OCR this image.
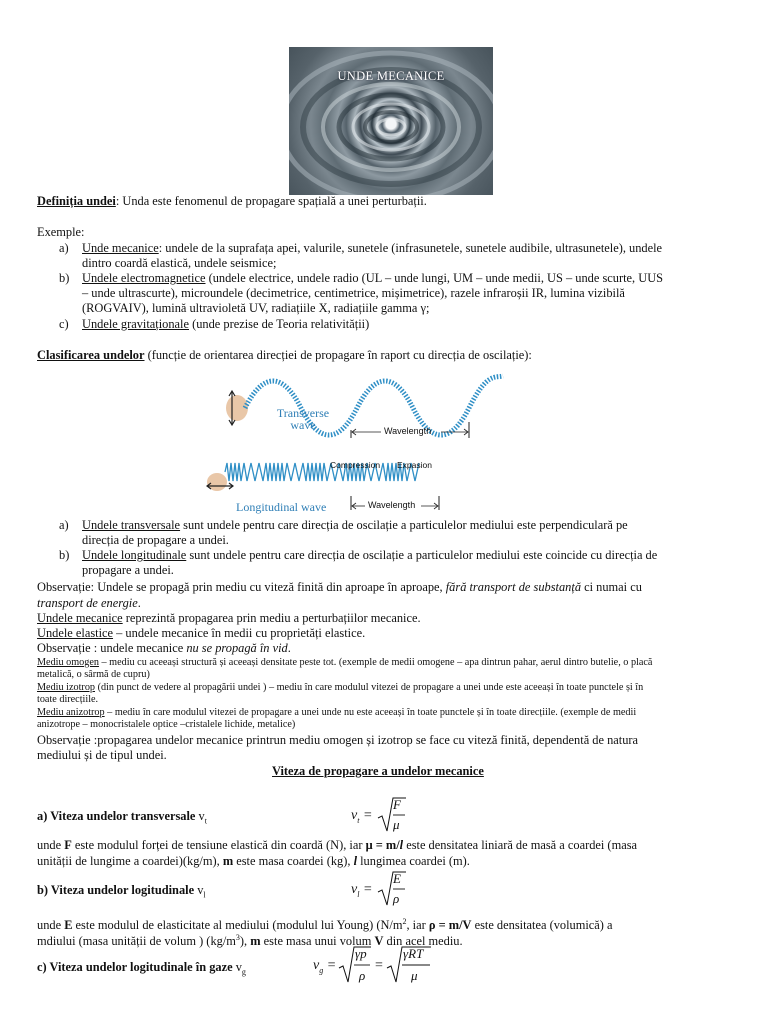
UNDE MECANICE
Definiția undei: Unda este fenomenul de propagare spațială a unei perturbații.
Exemple:
a) Unde mecanice: undele de la suprafața apei, valurile, sunetele (infrasunetele, sunetele audibile, ultrasunetele), undele
dintro coardă elastică, undele seismice;
b) Undele electromagnetice (undele electrice, undele radio (UL – unde lungi, UM – unde medii, US – unde scurte, UUS
– unde ultrascurte), microundele (decimetrice, centimetrice, mișimetrice), razele infraroșii IR, lumina vizibilă
(ROGVAIV), lumină ultravioletă UV, radiațiile X, radiațiile gamma γ;
c) Undele gravitaționale (unde prezise de Teoria relativității)
Clasificarea undelor (funcție de orientarea direcției de propagare în raport cu direcția de oscilație):
Transverse
wave	Wavelength
Compression Expasion
Longitudinal wave	Wavelength
a) Undele transversale sunt undele pentru care direcția de oscilație a particulelor mediului este perpendiculară pe
direcția de propagare a undei.
b) Undele longitudinale sunt undele pentru care direcția de oscilație a particulelor mediului este coincide cu direcția de
propagare a undei.
Observație: Undele se propagă prin mediu cu viteză finită din aproape în aproape, fără transport de substanță ci numai cu
transport de energie.
Undele mecanice reprezintă propagarea prin mediu a perturbațiilor mecanice.
Undele elastice – undele mecanice în medii cu proprietăți elastice.
Observație : undele mecanice nu se propagă în vid.
Mediu omogen – mediu cu aceeași structură și aceeași densitate peste tot. (exemple de medii omogene – apa dintrun pahar, aerul dintro butelie, o placă
metalică, o sârmă de cupru)
Mediu izotrop (din punct de vedere al propagării undei ) – mediu în care modulul vitezei de propagare a unei unde este aceeași în toate punctele și în
toate direcțiile.
Mediu anizotrop – mediu în care modulul vitezei de propagare a unei unde nu este aceeași în toate punctele și în toate direcțiile. (exemple de medii
anizotrope – monocristalele optice –cristalele lichide, metalice)
Observație :propagarea undelor mecanice printrun mediu omogen și izotrop se face cu viteză finită, dependentă de natura
mediului și de tipul undei.
Viteza de propagare a undelor mecanice
a) Viteza undelor transversale $v_t$	$v_t$ =
F
μ
unde F este modulul forței de tensiune elastică din coardă (N), iar μ = m/l este densitatea liniară de masă a coardei (masa
unității de lungime a coardei)(kg/m), m este masa coardei (kg), l lungimea coardei (m).
b) Viteza undelor logitudinale $v_l$	$v_l$ =
E
ρ
unde E este modulul de elasticitate al mediului (modulul lui Young) ($N/m^2$, iar ρ = m/V este densitatea (volumică) a
mdiului (masa unității de volum ) $(kg/m^3)$, m este masa unui volum V din acel mediu.
c) Viteza undelor logitudinale în gaze $v_g$	$v_g$ =
γp
ρ
=
γRT
μ
